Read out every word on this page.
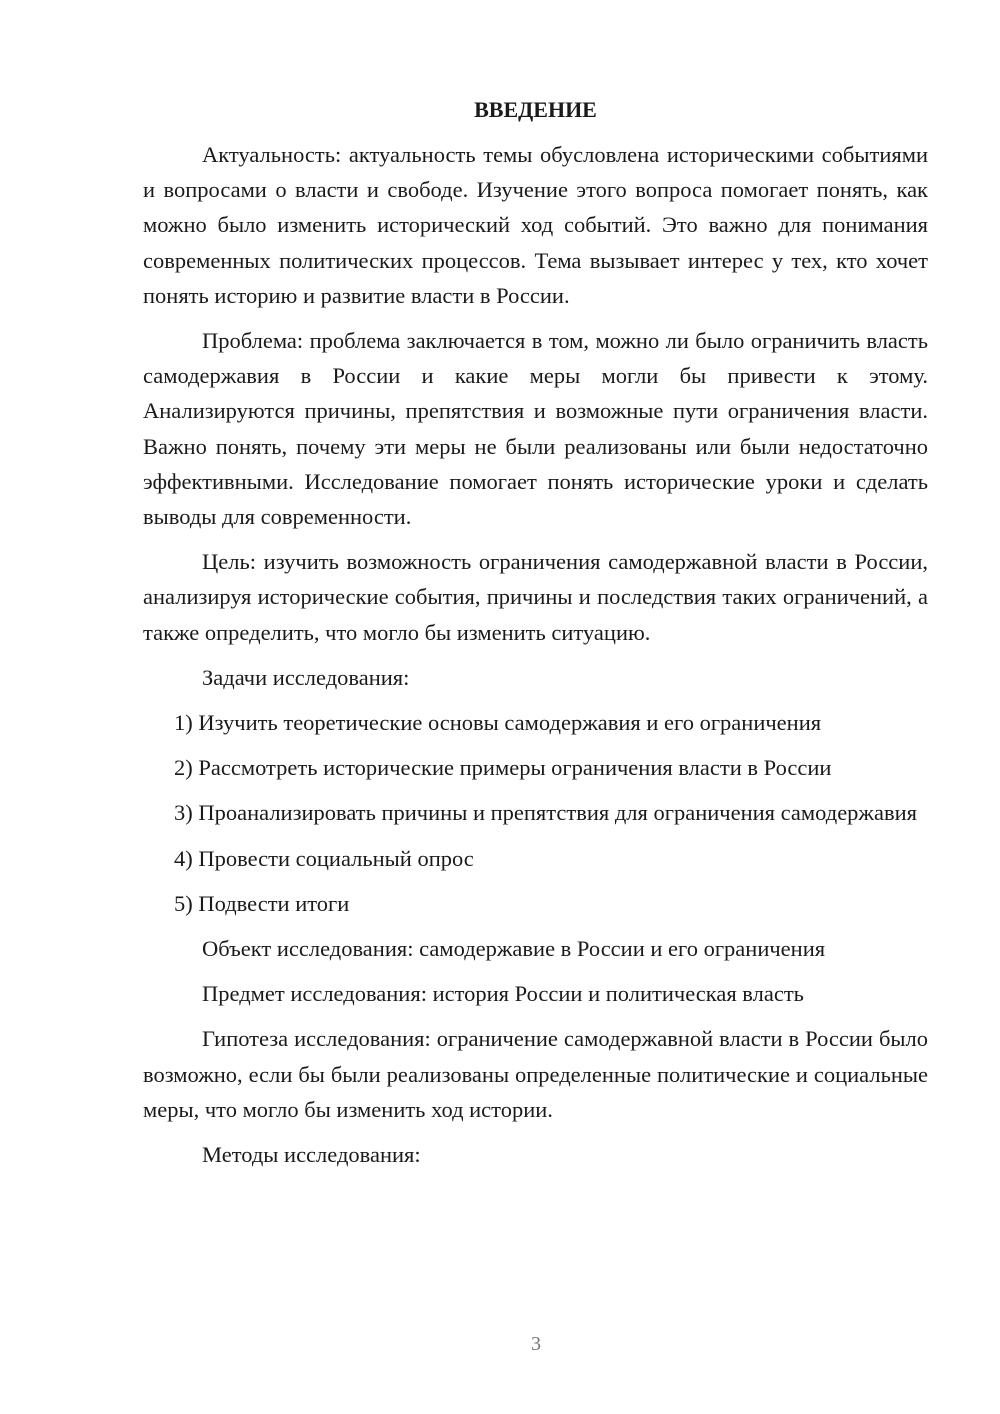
ВВЕДЕНИЕ

Актуальность: актуальность темы обусловлена историческими событиями и вопросами о власти и свободе. Изучение этого вопроса помогает понять, как можно было изменить исторический ход событий. Это важно для понимания современных политических процессов. Тема вызывает интерес у тех, кто хочет понять историю и развитие власти в России.

Проблема: проблема заключается в том, можно ли было ограничить власть самодержавия в России и какие меры могли бы привести к этому. Анализируются причины, препятствия и возможные пути ограничения власти. Важно понять, почему эти меры не были реализованы или были недостаточно эффективными. Исследование помогает понять исторические уроки и сделать выводы для современности.

Цель: изучить возможность ограничения самодержавной власти в России, анализируя исторические события, причины и последствия таких ограничений, а также определить, что могло бы изменить ситуацию.

Задачи исследования:

1) Изучить теоретические основы самодержавия и его ограничения

2) Рассмотреть исторические примеры ограничения власти в России

3) Проанализировать причины и препятствия для ограничения самодержавия

4) Провести социальный опрос

5) Подвести итоги

Объект исследования: самодержавие в России и его ограничения

Предмет исследования: история России и политическая власть

Гипотеза исследования: ограничение самодержавной власти в России было возможно, если бы были реализованы определенные политические и социальные меры, что могло бы изменить ход истории.

Методы исследования:

3
